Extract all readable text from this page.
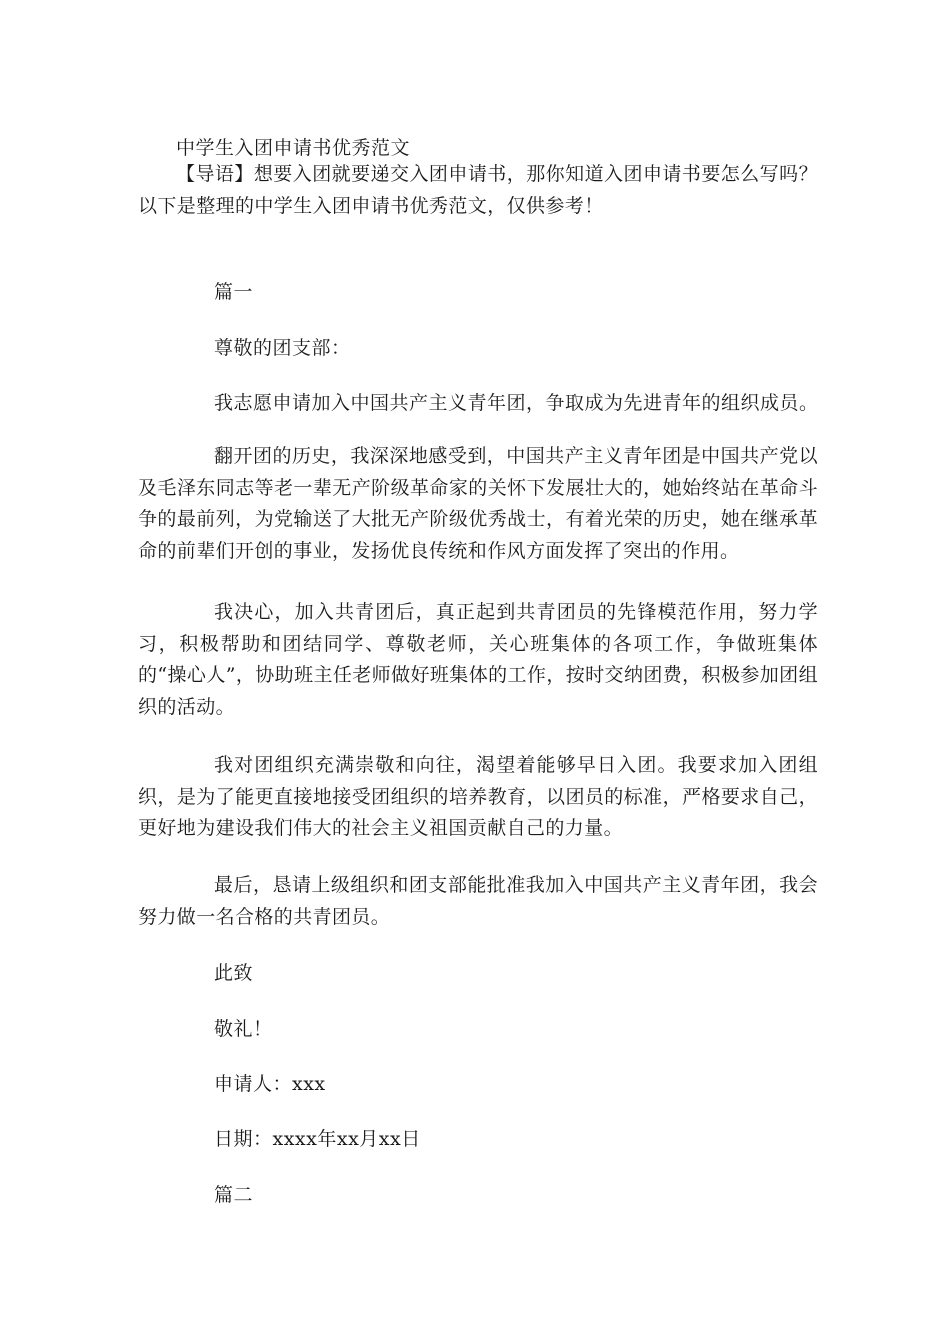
中学生入团申请书优秀范文
【导语】想要入团就要递交入团申请书，那你知道入团申请书要怎么写吗？以下是整理的中学生入团申请书优秀范文，仅供参考！
篇一
尊敬的团支部：
我志愿申请加入中国共产主义青年团，争取成为先进青年的组织成员。
翻开团的历史，我深深地感受到，中国共产主义青年团是中国共产党以及毛泽东同志等老一辈无产阶级革命家的关怀下发展壮大的，她始终站在革命斗争的最前列，为党输送了大批无产阶级优秀战士，有着光荣的历史，她在继承革命的前辈们开创的事业，发扬优良传统和作风方面发挥了突出的作用。
我决心，加入共青团后，真正起到共青团员的先锋模范作用，努力学习，积极帮助和团结同学、尊敬老师，关心班集体的各项工作，争做班集体的“操心人”，协助班主任老师做好班集体的工作，按时交纳团费，积极参加团组织的活动。
我对团组织充满崇敬和向往，渴望着能够早日入团。我要求加入团组织，是为了能更直接地接受团组织的培养教育，以团员的标准，严格要求自己，更好地为建设我们伟大的社会主义祖国贡献自己的力量。
最后，恳请上级组织和团支部能批准我加入中国共产主义青年团，我会努力做一名合格的共青团员。
此致
敬礼！
申请人：xxx
日期：xxxx年xx月xx日
篇二
